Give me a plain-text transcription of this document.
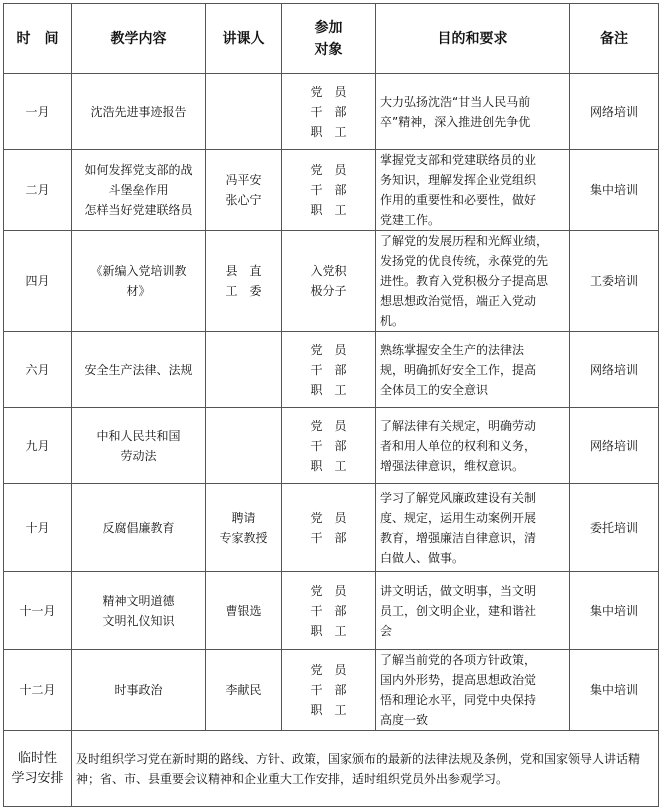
时　间	教学内容	讲课人	参加
对象	目的和要求	备注
一月	沈浩先进事迹报告		党　员
干　部
职　工	大力弘扬沈浩“甘当人民马前
卒”精神，深入推进创先争优	网络培训
二月	如何发挥党支部的战
斗堡垒作用
怎样当好党建联络员	冯平安
张心宁	党　员
干　部
职　工	掌握党支部和党建联络员的业
务知识，理解发挥企业党组织
作用的重要性和必要性，做好
党建工作。	集中培训
四月	《新编入党培训教
材》	县　直
工　委	入党积
极分子	了解党的发展历程和光辉业绩，
发扬党的优良传统，永葆党的先
进性。教育入党积极分子提高思
想思想政治觉悟，端正入党动
机。	工委培训
六月	安全生产法律、法规		党　员
干　部
职　工	熟练掌握安全生产的法律法
规，明确抓好安全工作，提高
全体员工的安全意识	网络培训
九月	中和人民共和国
劳动法		党　员
干　部
职　工	了解法律有关规定，明确劳动
者和用人单位的权利和义务，
增强法律意识，维权意识。	网络培训
十月	反腐倡廉教育	聘请
专家教授	党　员
干　部	学习了解党风廉政建设有关制
度、规定，运用生动案例开展
教育，增强廉洁自律意识，清
白做人、做事。	委托培训
十一月	精神文明道德
文明礼仪知识	曹银选	党　员
干　部
职　工	讲文明话，做文明事，当文明
员工，创文明企业，建和谐社
会	集中培训
十二月	时事政治	李献民	党　员
干　部
职　工	了解当前党的各项方针政策，
国内外形势，提高思想政治觉
悟和理论水平，同党中央保持
高度一致	集中培训

临时性
学习安排	及时组织学习党在新时期的路线、方针、政策，国家颁布的最新的法律法规及条例，党和国家领导人讲话精神；省、市、县重要会议精神和企业重大工作安排，适时组织党员外出参观学习。				
